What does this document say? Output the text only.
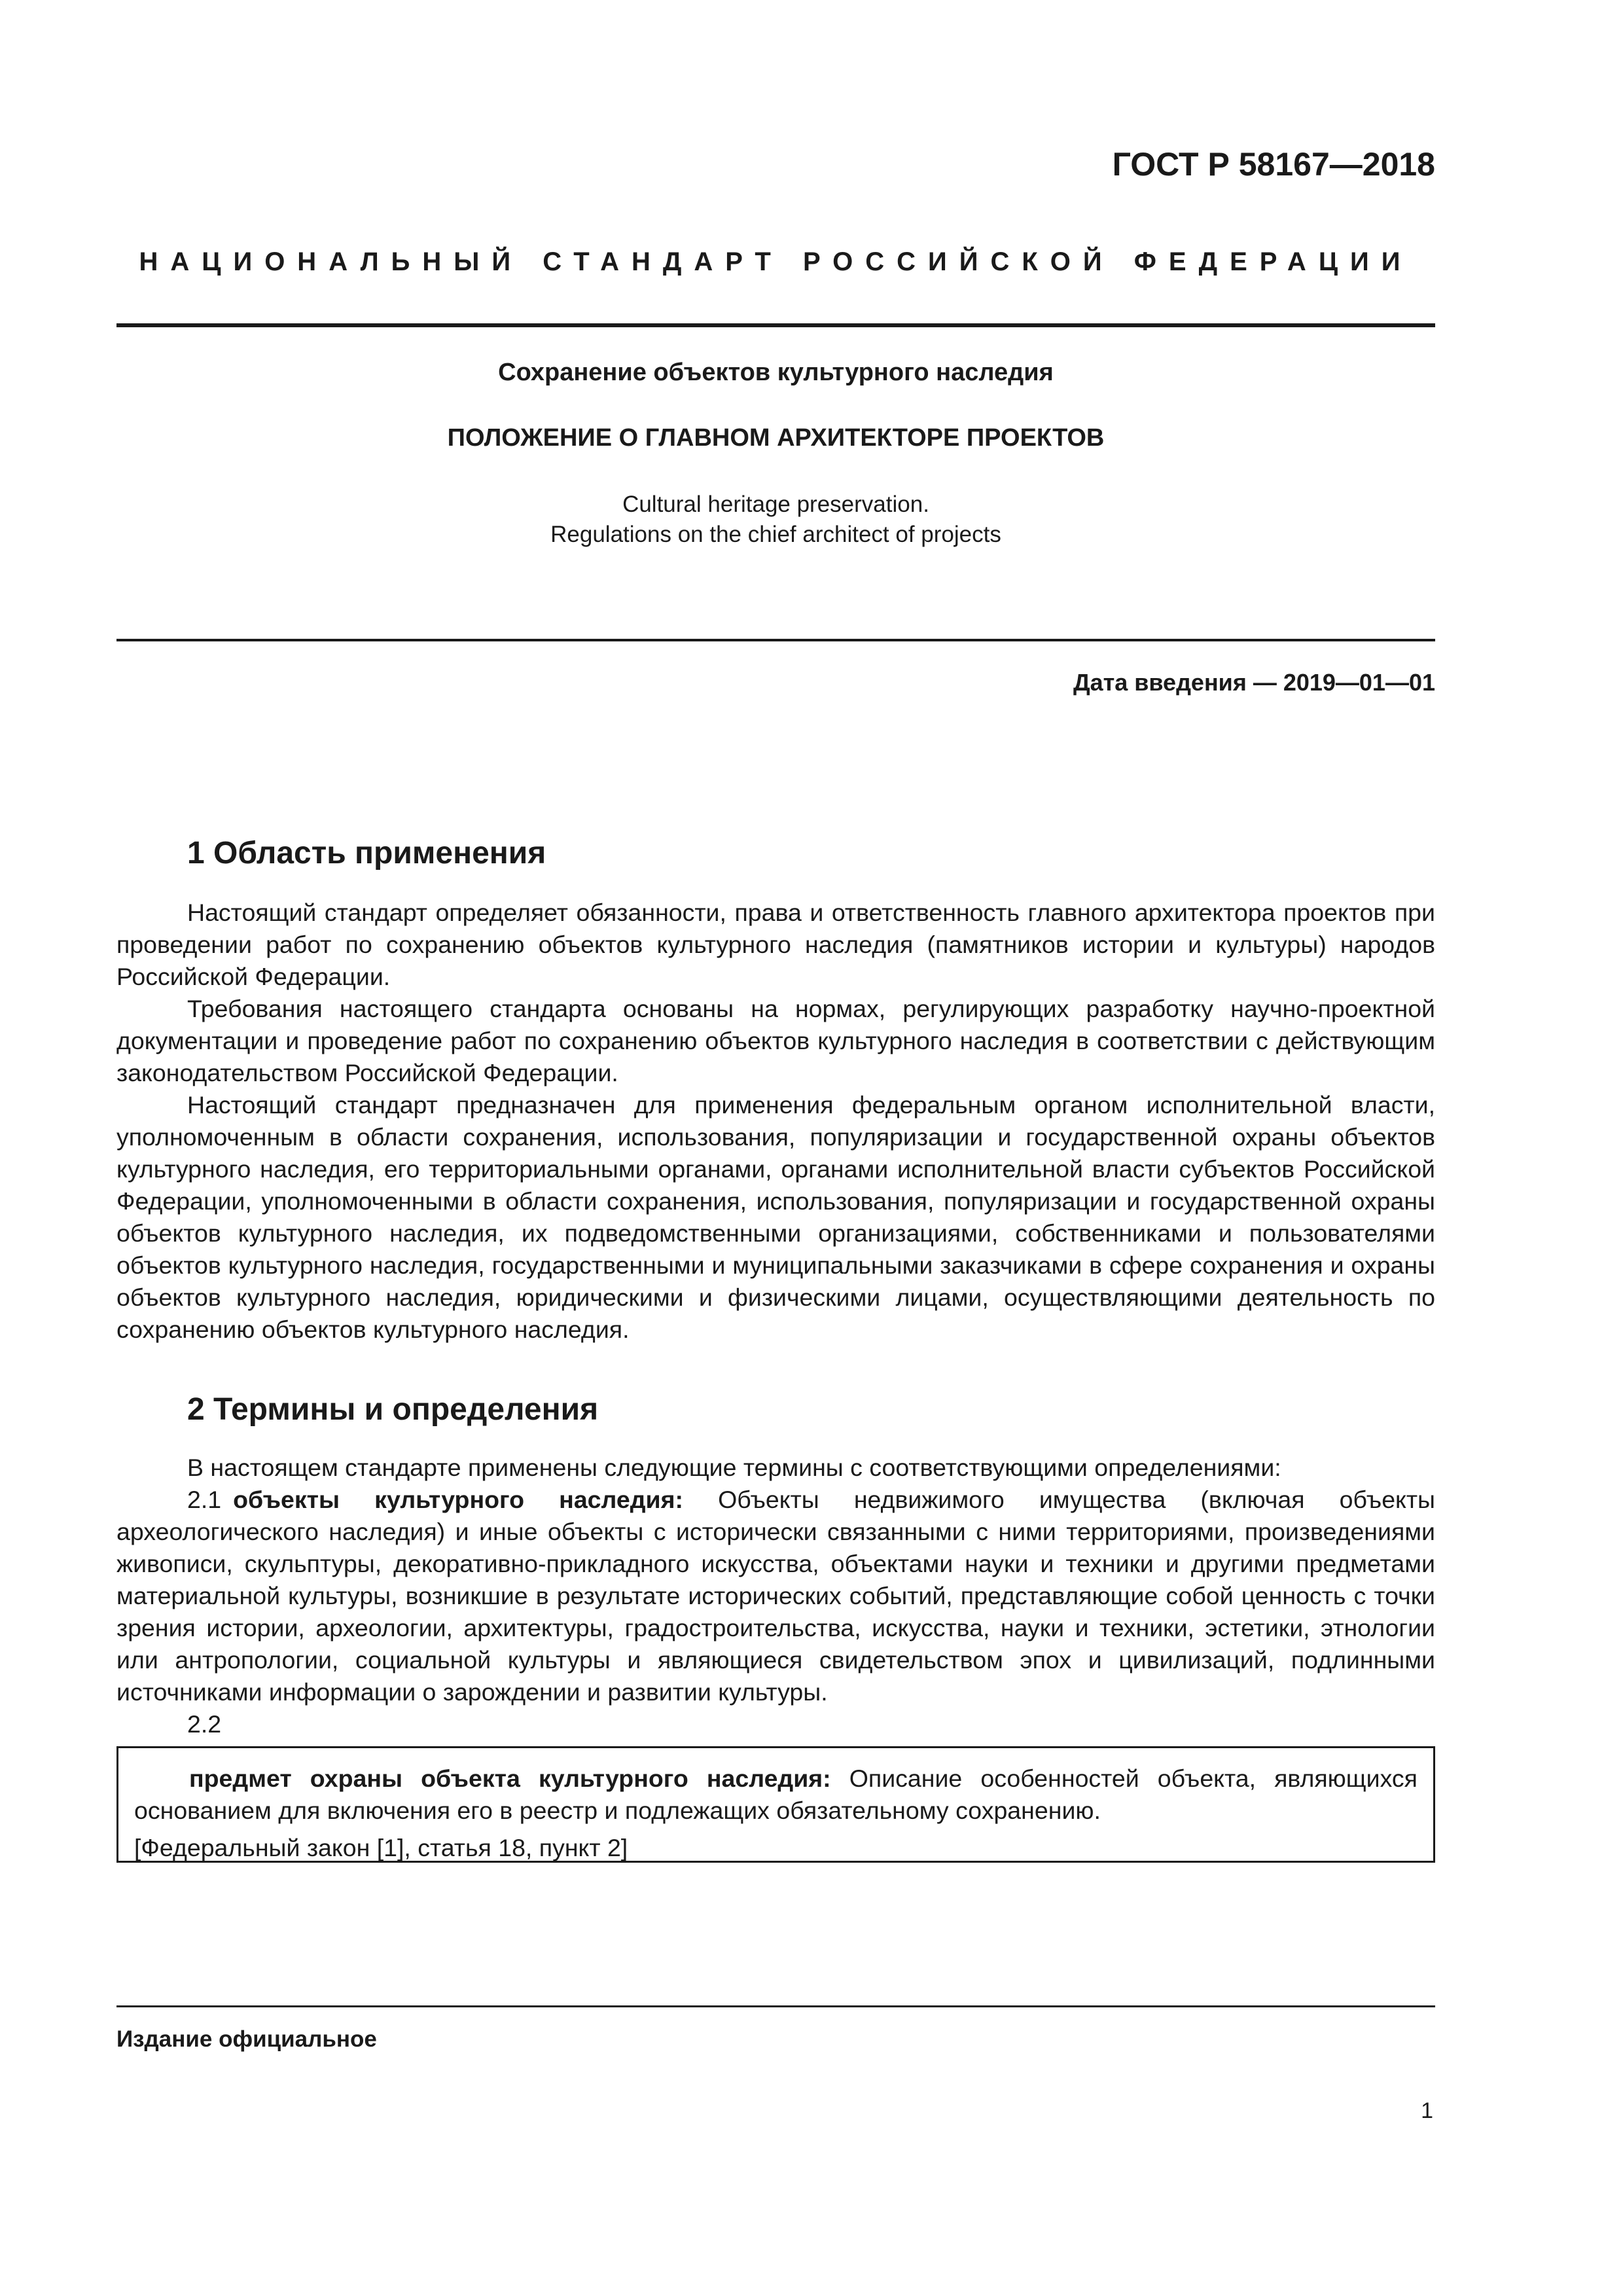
ГОСТ Р 58167—2018
НАЦИОНАЛЬНЫЙ СТАНДАРТ РОССИЙСКОЙ ФЕДЕРАЦИИ
Сохранение объектов культурного наследия
ПОЛОЖЕНИЕ О ГЛАВНОМ АРХИТЕКТОРЕ ПРОЕКТОВ
Cultural heritage preservation.
Regulations on the chief architect of projects
Дата введения — 2019—01—01
1 Область применения

Настоящий стандарт определяет обязанности, права и ответственность главного архитектора проектов при проведении работ по сохранению объектов культурного наследия (памятников истории и культуры) народов Российской Федерации.

Требования настоящего стандарта основаны на нормах, регулирующих разработку научно-проектной документации и проведение работ по сохранению объектов культурного наследия в соответствии с действующим законодательством Российской Федерации.

Настоящий стандарт предназначен для применения федеральным органом исполнительной власти, уполномоченным в области сохранения, использования, популяризации и государственной охраны объектов культурного наследия, его территориальными органами, органами исполнительной власти субъектов Российской Федерации, уполномоченными в области сохранения, использования, популяризации и государственной охраны объектов культурного наследия, их подведомственными организациями, собственниками и пользователями объектов культурного наследия, государственными и муниципальными заказчиками в сфере сохранения и охраны объектов культурного наследия, юридическими и физическими лицами, осуществляющими деятельность по сохранению объектов культурного наследия.

2 Термины и определения

В настоящем стандарте применены следующие термины с соответствующими определениями:

2.1 объекты культурного наследия: Объекты недвижимого имущества (включая объекты археологического наследия) и иные объекты с исторически связанными с ними территориями, произведениями живописи, скульптуры, декоративно-прикладного искусства, объектами науки и техники и другими предметами материальной культуры, возникшие в результате исторических событий, представляющие собой ценность с точки зрения истории, археологии, архитектуры, градостроительства, искусства, науки и техники, эстетики, этнологии или антропологии, социальной культуры и являющиеся свидетельством эпох и цивилизаций, подлинными источниками информации о зарождении и развитии культуры.

2.2

предмет охраны объекта культурного наследия: Описание особенностей объекта, являющихся основанием для включения его в реестр и подлежащих обязательному сохранению.

[Федеральный закон [1], статья 18, пункт 2]

Издание официальное
1
